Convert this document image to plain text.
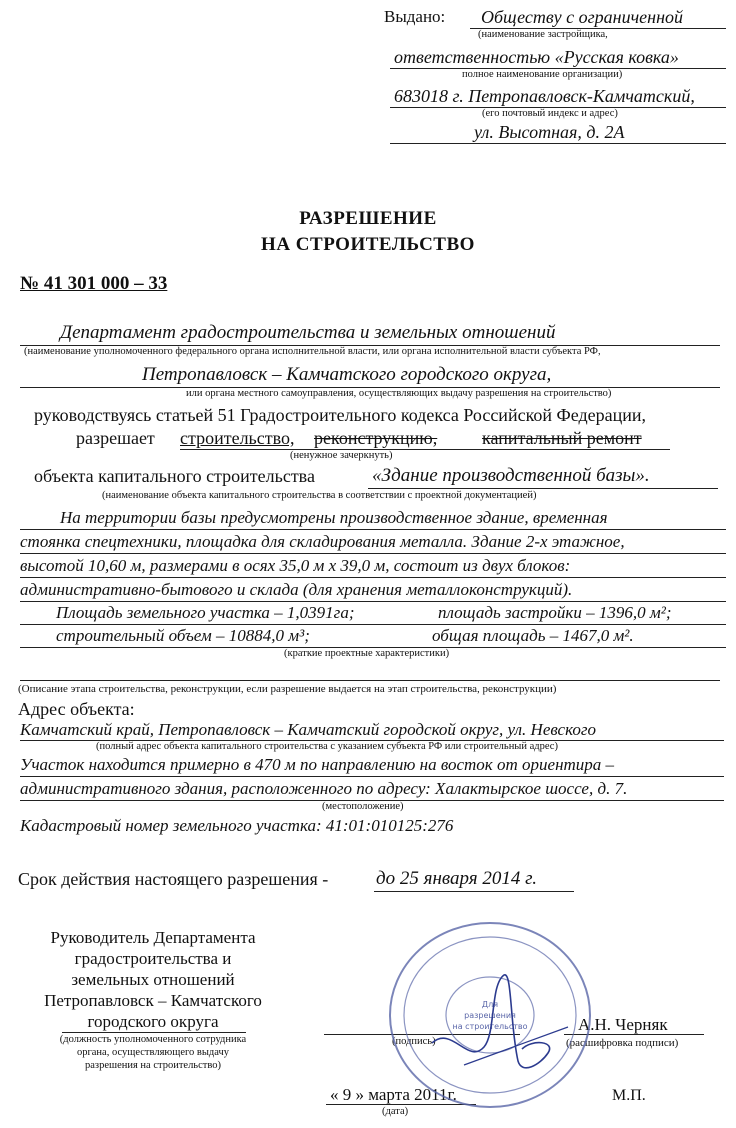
Выдано: Обществу с ограниченной
(наименование застройщика,
ответственностью «Русская ковка»
полное наименование организации)
683018 г. Петропавловск-Камчатский,
(его почтовый индекс и адрес)
ул. Высотная, д. 2А
РАЗРЕШЕНИЕ
НА СТРОИТЕЛЬСТВО
№ 41 301 000 – 33
Департамент градостроительства и земельных отношений
(наименование уполномоченного федерального органа исполнительной власти, или органа исполнительной власти субъекта РФ,
Петропавловск – Камчатского городского округа,
или органа местного самоуправления, осуществляющих выдачу разрешения на строительство)
руководствуясь статьей 51 Градостроительного кодекса Российской Федерации,
разрешает строительство, реконструкцию, капитальный ремонт
(ненужное зачеркнуть)
объекта капитального строительства	«Здание производственной базы».
(наименование объекта капитального строительства в соответствии с проектной документацией)
На территории базы предусмотрены производственное здание, временная
стоянка спецтехники, площадка для складирования металла. Здание 2-х этажное,
высотой 10,60 м, размерами в осях 35,0 м х 39,0 м, состоит из двух блоков:
административно-бытового и склада (для хранения металлоконструкций).
Площадь земельного участка – 1,0391га;	площадь застройки – 1396,0 м²;
строительный объем – 10884,0 м³;	общая площадь – 1467,0 м².
(краткие проектные характеристики)
(Описание этапа строительства, реконструкции, если разрешение выдается на этап строительства, реконструкции)
Адрес объекта:
Камчатский край, Петропавловск – Камчатский городской округ, ул. Невского
(полный адрес объекта капитального строительства с указанием субъекта РФ или строительный адрес)
Участок находится примерно в 470 м по направлению на восток от ориентира –
административного здания, расположенного по адресу: Халактырское шоссе, д. 7.
(местоположение)
Кадастровый номер земельного участка: 41:01:010125:276
Срок действия настоящего разрешения -	до 25 января 2014 г.
Руководитель Департамента
градостроительства и
земельных отношений
Петропавловск – Камчатского
городского округа
(должность уполномоченного сотрудника
органа, осуществляющего выдачу
разрешения на строительство)
(подпись)
А.Н. Черняк
(расшифровка подписи)
« 9 » марта 2011г.
(дата)
М.П.
Для
разрешения
на строительство
